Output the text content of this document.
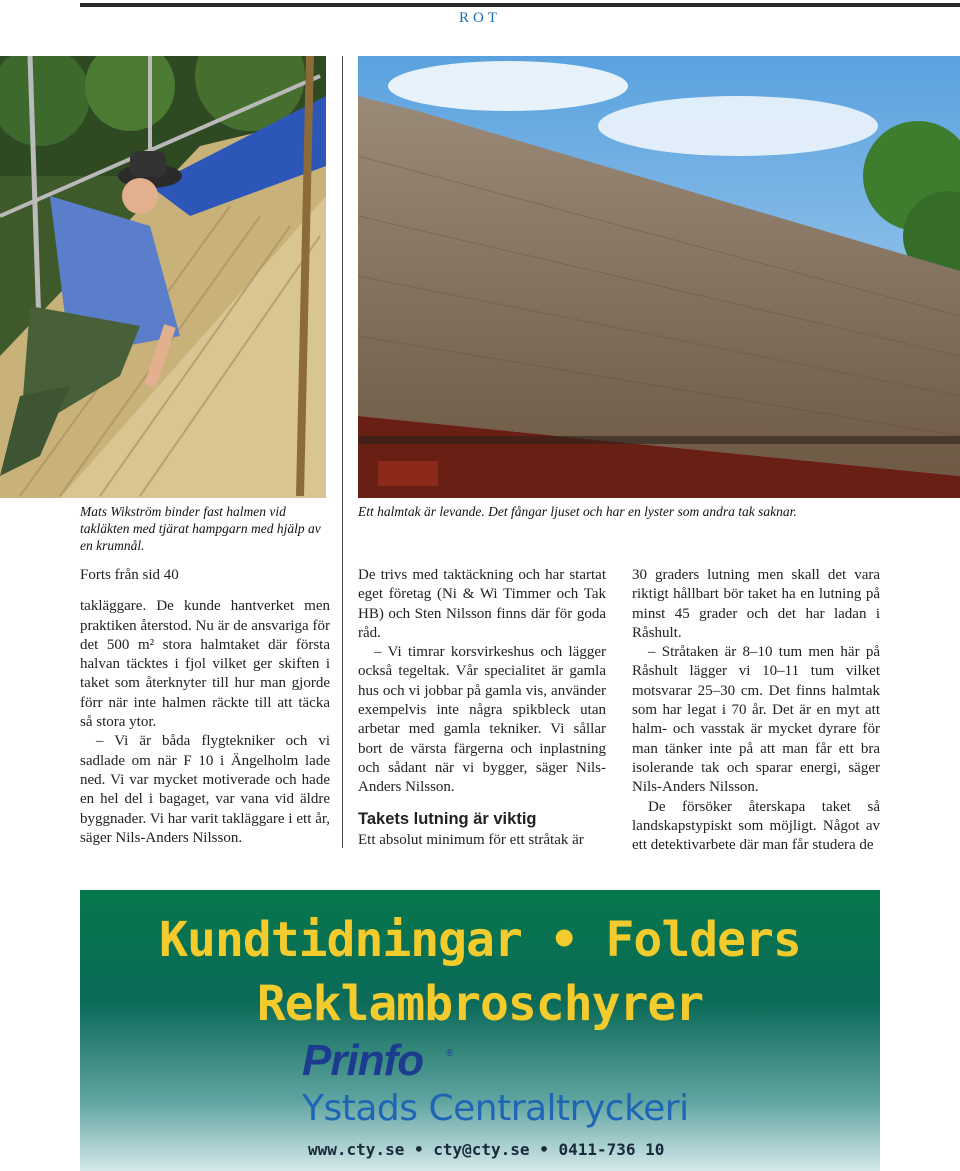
ROT
Mats Wikström binder fast halmen vid takläkten med tjärat hampgarn med hjälp av en krumnål.
Ett halmtak är levande. Det fångar ljuset och har en lyster som andra tak saknar.

Forts från sid 40

takläggare. De kunde hantverket men praktiken återstod. Nu är de ansvariga för det 500 m² stora halmtaket där första halvan täcktes i fjol vilket ger skiften i taket som återknyter till hur man gjorde förr när inte halmen räckte till att täcka så stora ytor.

– Vi är båda flygtekniker och vi sadlade om när F 10 i Ängelholm lade ned. Vi var mycket motiverade och hade en hel del i bagaget, var vana vid äldre byggnader. Vi har varit takläggare i ett år, säger Nils-Anders Nilsson.

De trivs med taktäckning och har startat eget företag (Ni & Wi Timmer och Tak HB) och Sten Nilsson finns där för goda råd.

– Vi timrar korsvirkeshus och lägger också tegeltak. Vår specialitet är gamla hus och vi jobbar på gamla vis, använder exempelvis inte några spikbleck utan arbetar med gamla tekniker. Vi sållar bort de värsta färgerna och inplastning och sådant när vi bygger, säger Nils-Anders Nilsson.

Takets lutning är viktig

Ett absolut minimum för ett stråtak är

30 graders lutning men skall det vara riktigt hållbart bör taket ha en lutning på minst 45 grader och det har ladan i Råshult.

– Stråtaken är 8–10 tum men här på Råshult lägger vi 10–11 tum vilket motsvarar 25–30 cm. Det finns halmtak som har legat i 70 år. Det är en myt att halm- och vasstak är mycket dyrare för man tänker inte på att man får ett bra isolerande tak och sparar energi, säger Nils-Anders Nilsson.

De försöker återskapa taket så landskapstypiskt som möjligt. Något av ett detektivarbete där man får studera de

Kundtidningar • Folders
Reklambroschyrer
Prinfo ®
Ystads Centraltryckeri
www.cty.se • cty@cty.se • 0411-736 10
